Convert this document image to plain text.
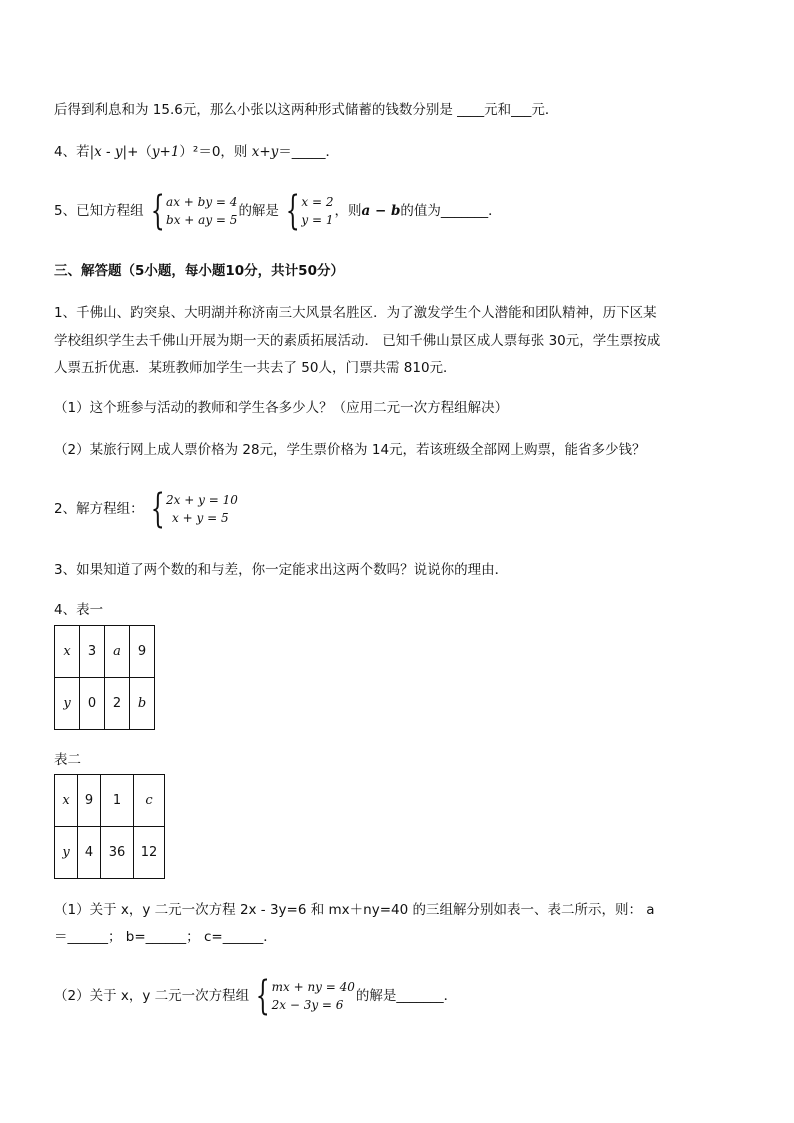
后得到利息和为 15.6元，那么小张以这两种形式储蓄的钱数分别是 ____元和___元．
4、若|x - y|+（y+1）²＝0，则 x+y＝_____．
5、已知方程组 { ax + by = 4
bx + ay = 5
的解是 { x = 2
y = 1
，则a − b的值为_______．
三、解答题（5小题，每小题10分，共计50分）
1、千佛山、趵突泉、大明湖并称济南三大风景名胜区．为了激发学生个人潜能和团队精神，历下区某
学校组织学生去千佛山开展为期一天的素质拓展活动． 已知千佛山景区成人票每张 30元，学生票按成
人票五折优惠．某班教师加学生一共去了 50人，门票共需 810元．
（1）这个班参与活动的教师和学生各多少人？（应用二元一次方程组解决）
（2）某旅行网上成人票价格为 28元，学生票价格为 14元，若该班级全部网上购票，能省多少钱？
2、解方程组： { 2x + y = 10
x + y = 5
3、如果知道了两个数的和与差，你一定能求出这两个数吗？说说你的理由．
4、表一
x	3	a	9
y	0	2	b
表二
x	9	1	c
y	4	36	12
（1）关于 x，y 二元一次方程 2x - 3y=6 和 mx＋ny=40 的三组解分别如表一、表二所示，则： a
＝______； b=______； c=______．
（2）关于 x，y 二元一次方程组 { mx + ny = 40
2x − 3y = 6
的解是_______．
